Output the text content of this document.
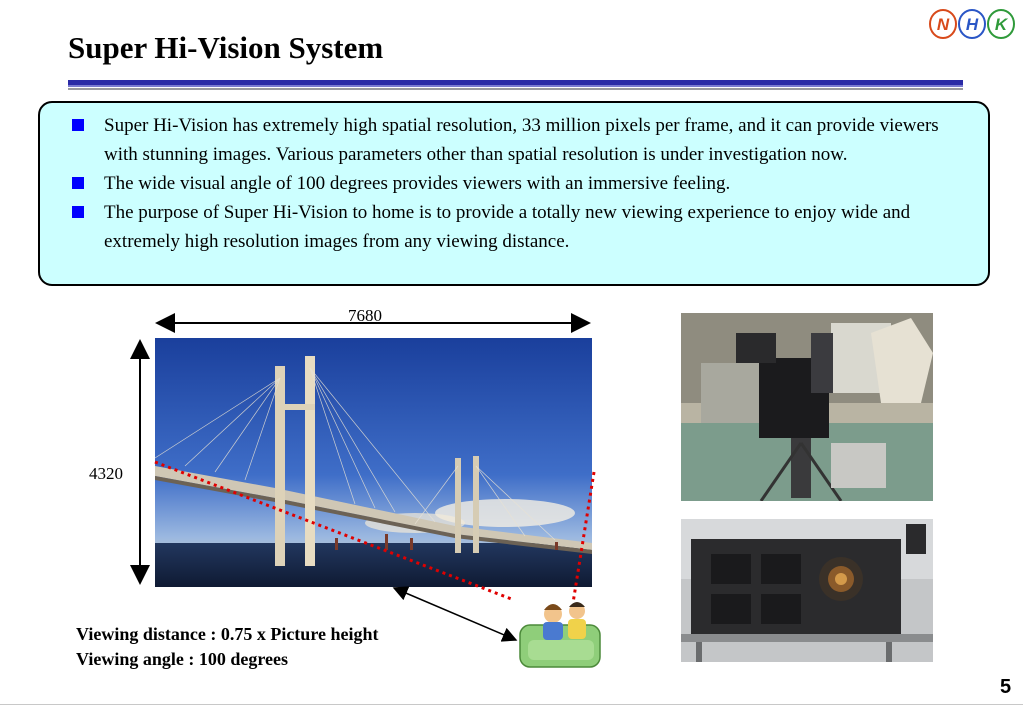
Super Hi-Vision System
N H K
Super Hi-Vision has extremely high spatial resolution, 33 million pixels per frame, and it can provide viewers with stunning images. Various parameters other than spatial resolution is under investigation now.
The wide visual angle of 100 degrees provides viewers with an immersive feeling.
The purpose of Super Hi-Vision to home is to provide a totally new viewing experience to enjoy wide and extremely high resolution images from any viewing distance.
7680
4320
Viewing distance : 0.75 x Picture height
Viewing angle : 100 degrees
5
